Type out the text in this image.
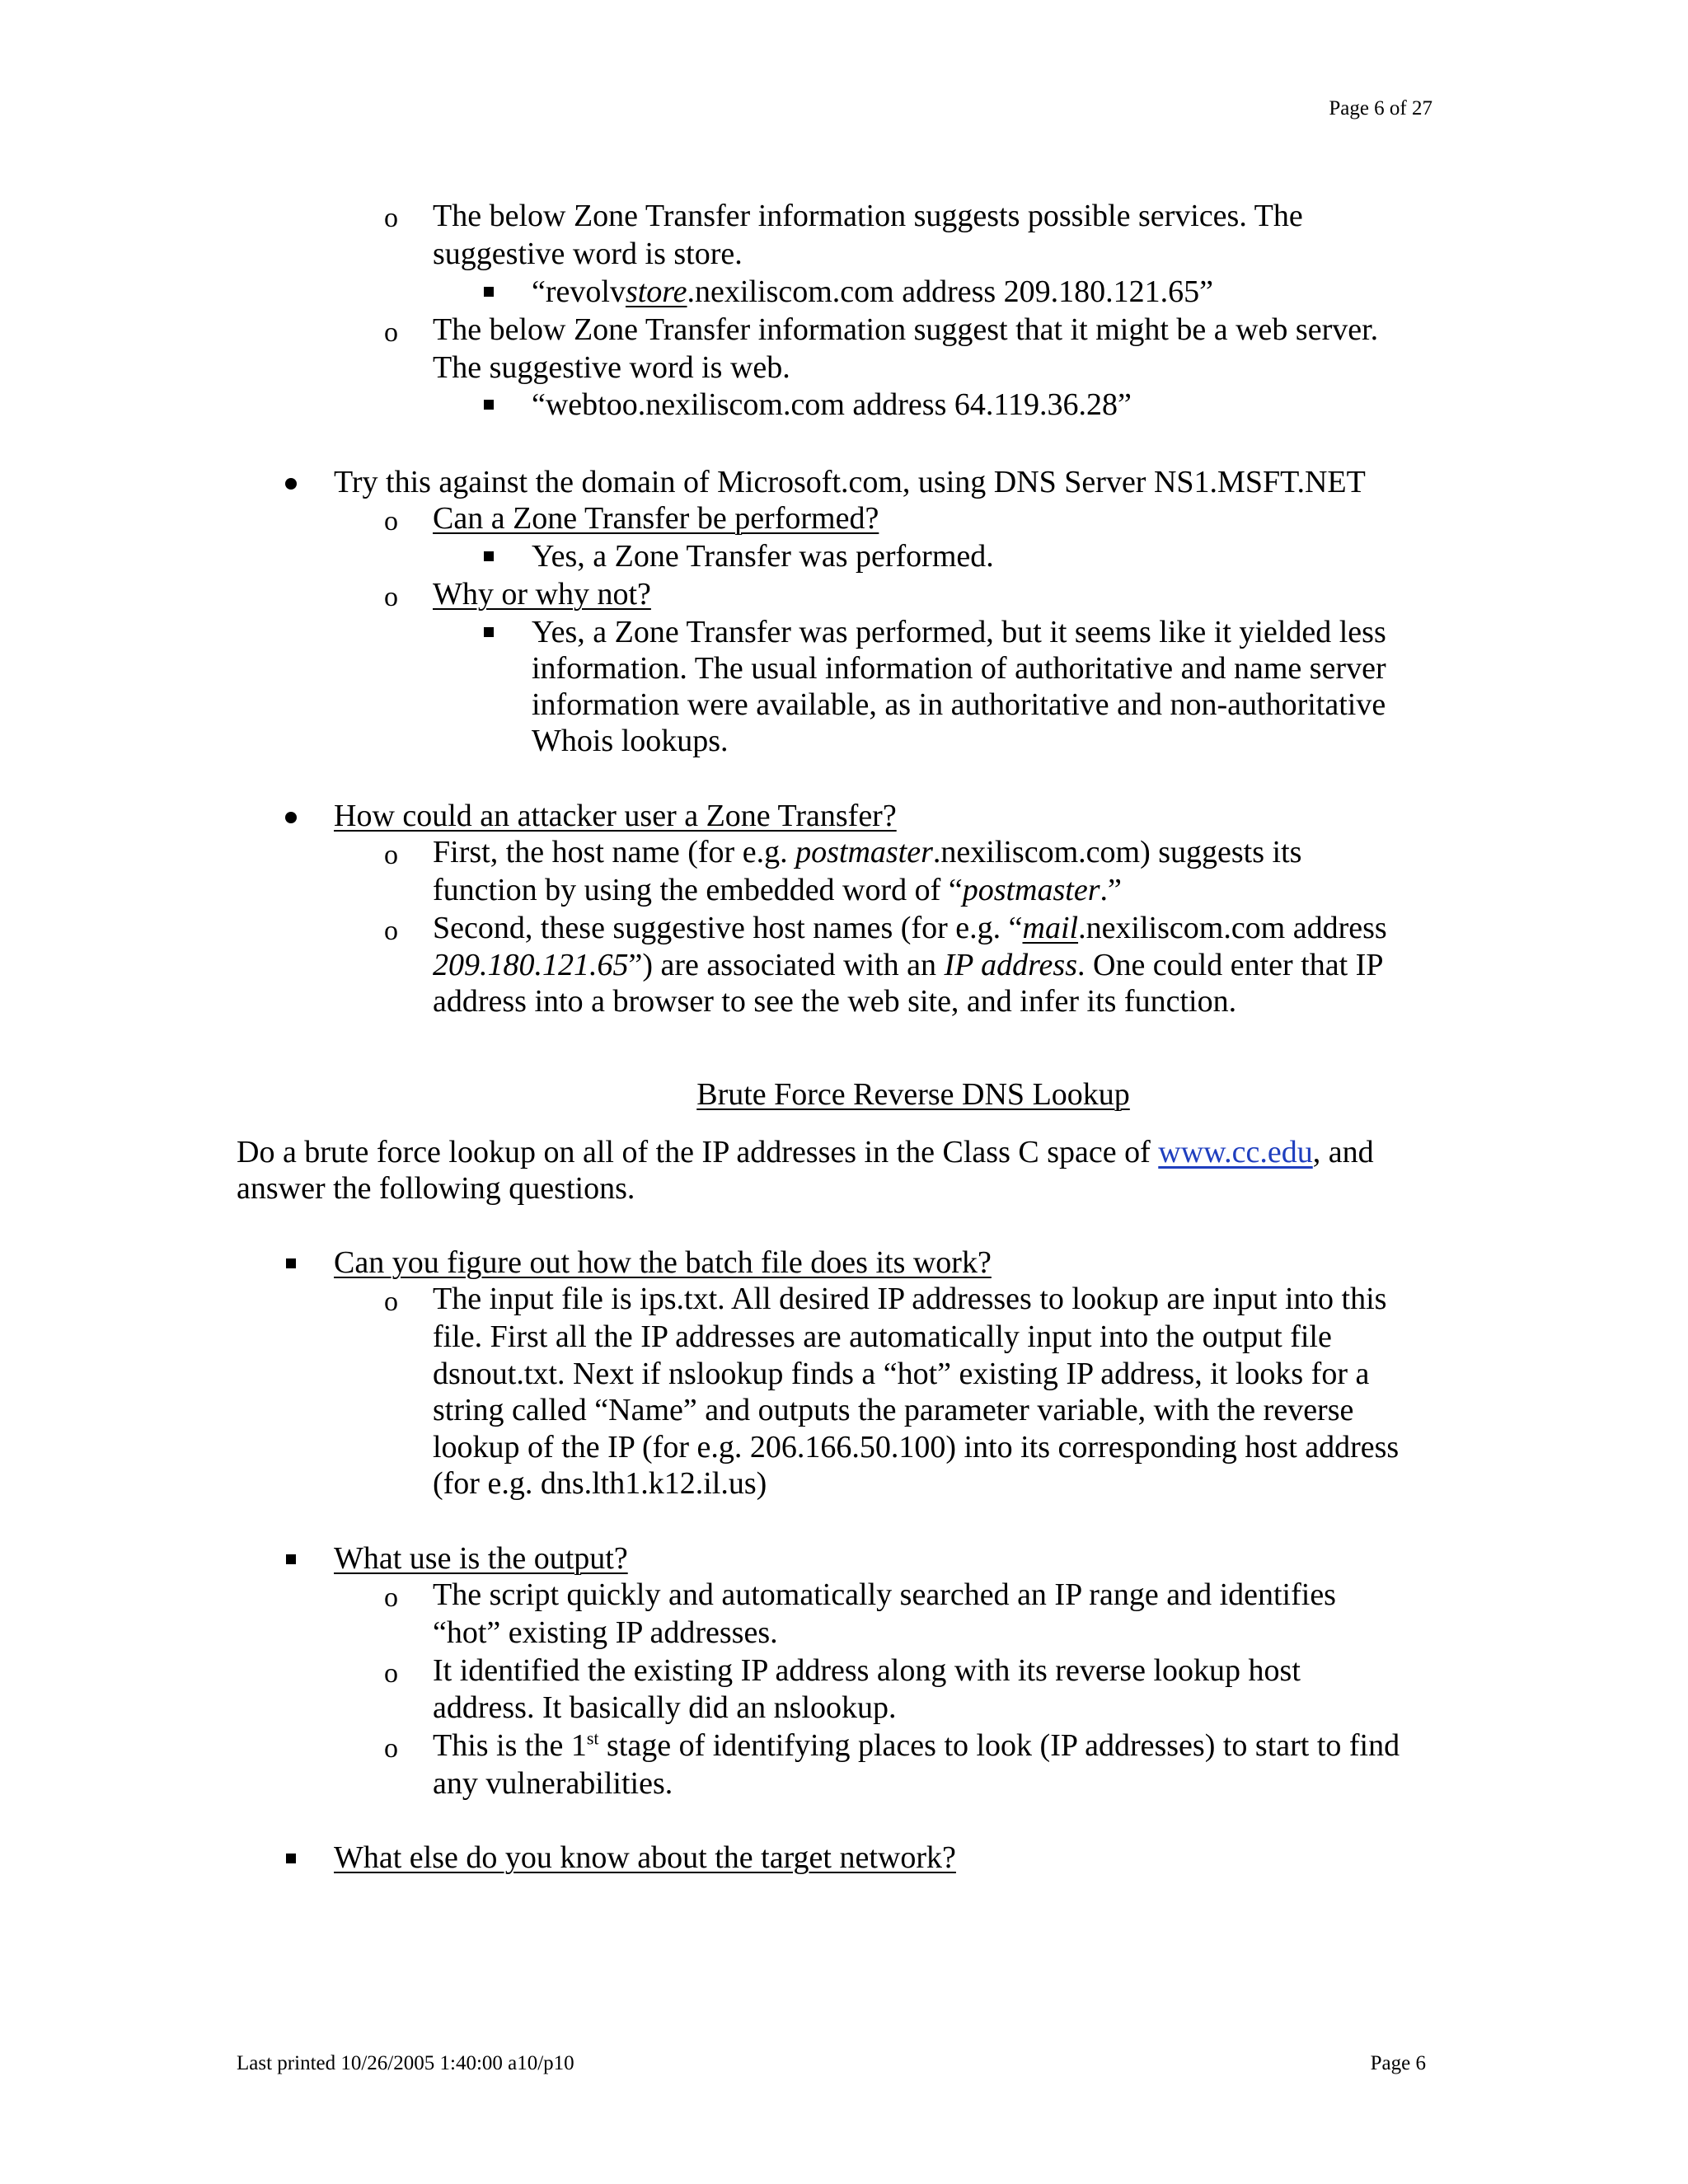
Page 6 of 27
o The below Zone Transfer information suggests possible services. The
suggestive word is store.
“revolvstore.nexiliscom.com address 209.180.121.65”
o The below Zone Transfer information suggest that it might be a web server.
The suggestive word is web.
“webtoo.nexiliscom.com address 64.119.36.28”
Try this against the domain of Microsoft.com, using DNS Server NS1.MSFT.NET
o Can a Zone Transfer be performed?
Yes, a Zone Transfer was performed.
o Why or why not?
Yes, a Zone Transfer was performed, but it seems like it yielded less
information. The usual information of authoritative and name server
information were available, as in authoritative and non-authoritative
Whois lookups.
How could an attacker user a Zone Transfer?
o First, the host name (for e.g. postmaster.nexiliscom.com) suggests its
function by using the embedded word of “postmaster.”
o Second, these suggestive host names (for e.g. “mail.nexiliscom.com address
209.180.121.65”) are associated with an IP address. One could enter that IP
address into a browser to see the web site, and infer its function.
Brute Force Reverse DNS Lookup
Do a brute force lookup on all of the IP addresses in the Class C space of www.cc.edu, and
answer the following questions.
Can you figure out how the batch file does its work?
o The input file is ips.txt. All desired IP addresses to lookup are input into this
file. First all the IP addresses are automatically input into the output file
dsnout.txt. Next if nslookup finds a “hot” existing IP address, it looks for a
string called “Name” and outputs the parameter variable, with the reverse
lookup of the IP (for e.g. 206.166.50.100) into its corresponding host address
(for e.g. dns.lth1.k12.il.us)
What use is the output?
o The script quickly and automatically searched an IP range and identifies
“hot” existing IP addresses.
o It identified the existing IP address along with its reverse lookup host
address. It basically did an nslookup.
o This is the 1st stage of identifying places to look (IP addresses) to start to find
any vulnerabilities.
What else do you know about the target network?
Last printed 10/26/2005 1:40:00 a10/p10	Page 6
